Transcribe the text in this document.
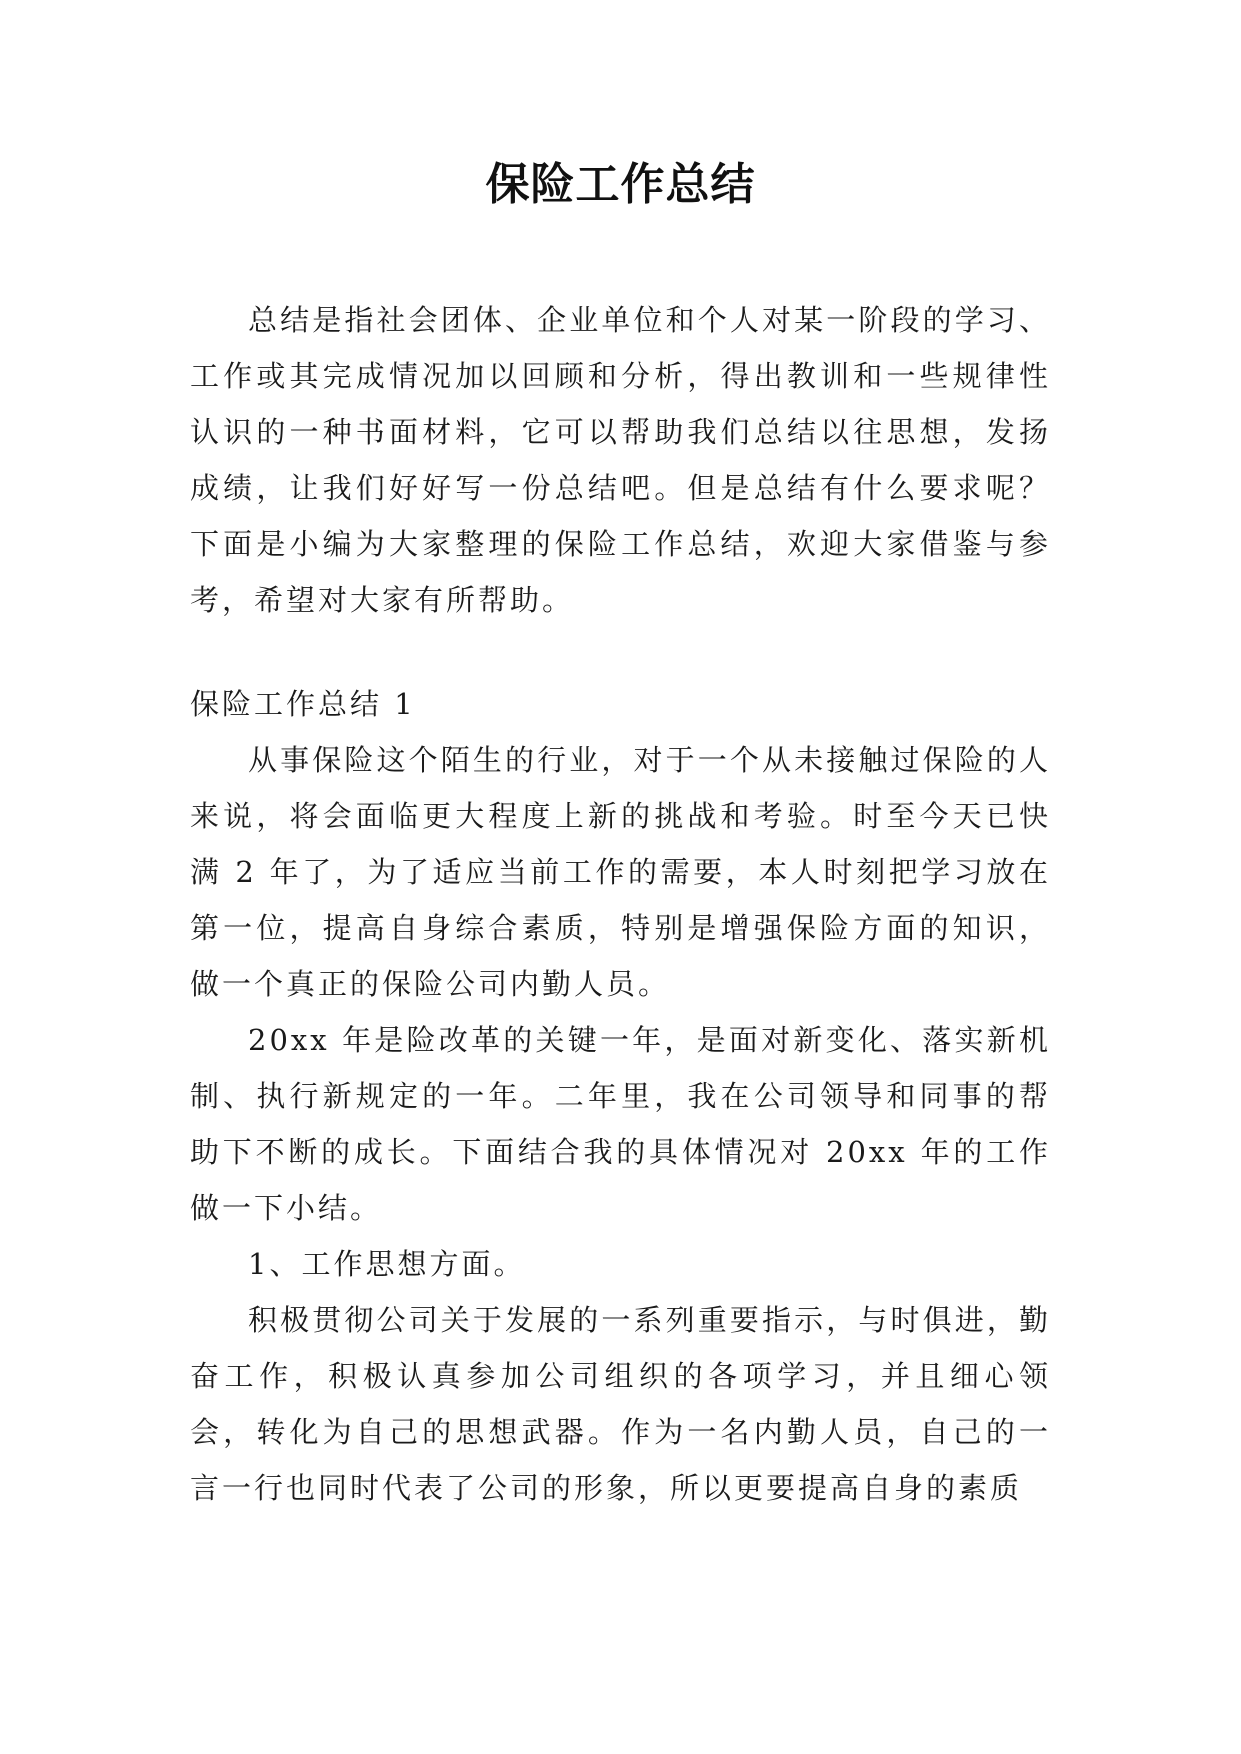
保险工作总结

总结是指社会团体、企业单位和个人对某一阶段的学习、工作或其完成情况加以回顾和分析，得出教训和一些规律性认识的一种书面材料，它可以帮助我们总结以往思想，发扬成绩，让我们好好写一份总结吧。但是总结有什么要求呢？下面是小编为大家整理的保险工作总结，欢迎大家借鉴与参考，希望对大家有所帮助。

保险工作总结 1

从事保险这个陌生的行业，对于一个从未接触过保险的人来说，将会面临更大程度上新的挑战和考验。时至今天已快满 2 年了，为了适应当前工作的需要，本人时刻把学习放在第一位，提高自身综合素质，特别是增强保险方面的知识，做一个真正的保险公司内勤人员。

20xx 年是险改革的关键一年，是面对新变化、落实新机制、执行新规定的一年。二年里，我在公司领导和同事的帮助下不断的成长。下面结合我的具体情况对 20xx 年的工作做一下小结。

1、工作思想方面。

积极贯彻公司关于发展的一系列重要指示，与时俱进，勤奋工作，积极认真参加公司组织的各项学习，并且细心领会，转化为自己的思想武器。作为一名内勤人员，自己的一言一行也同时代表了公司的形象，所以更要提高自身的素质
